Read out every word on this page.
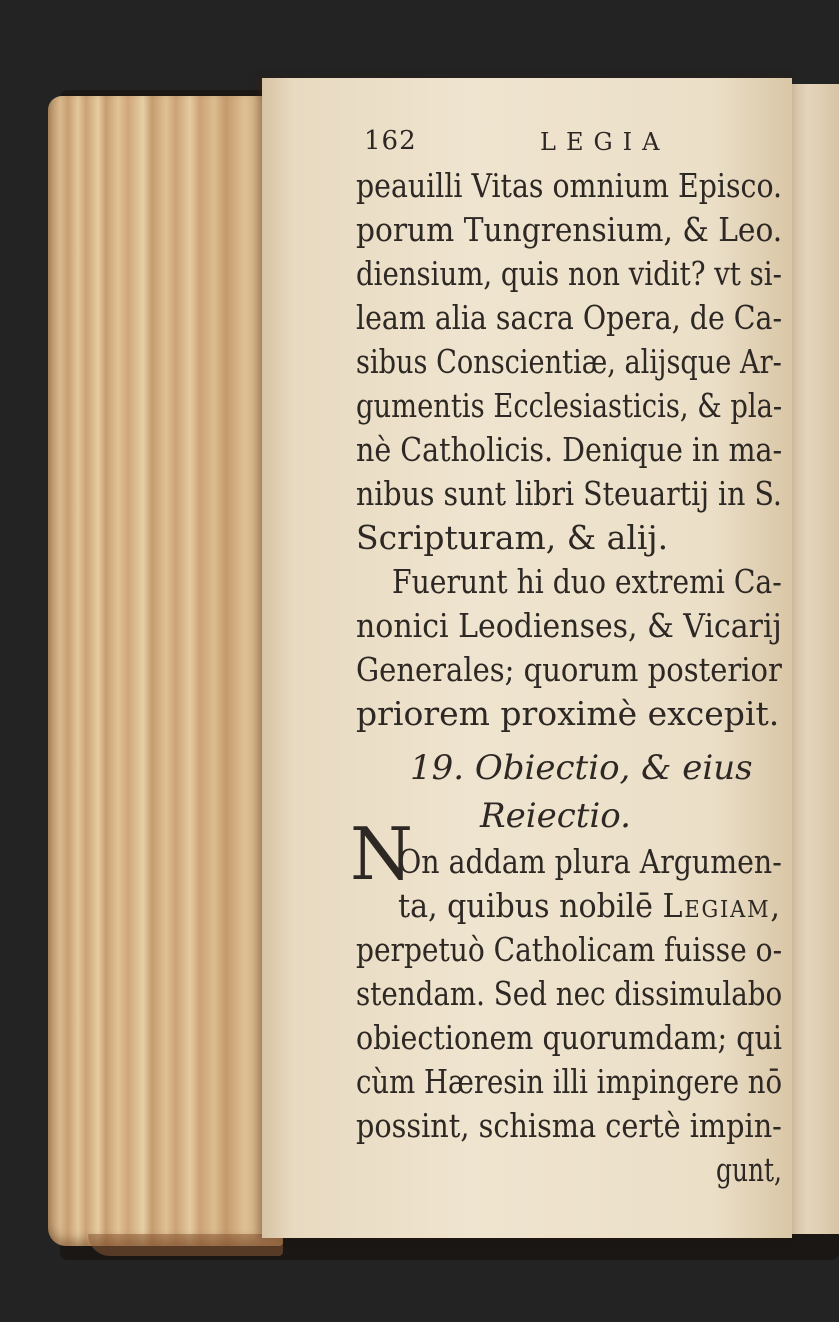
162	LEGIA
peauilli Vitas omnium Episco.
porum Tungrensium, & Leo.
diensium, quis non vidit? vt si-
leam alia sacra Opera, de Ca-
sibus Conscientiæ, alijsque Ar-
gumentis Ecclesiasticis, & pla-
nè Catholicis. Denique in ma-
nibus sunt libri Steuartij in S.
Scripturam, & alij.
Fuerunt hi duo extremi Ca-
nonici Leodienses, & Vicarij
Generales; quorum posterior
priorem proximè excepit.
19. Obiectio, & eius
Reiectio.
N
On addam plura Argumen-
ta, quibus nobilē Legiam,
perpetuò Catholicam fuisse o-
stendam. Sed nec dissimulabo
obiectionem quorumdam; qui
cùm Hæresin illi impingere nō
possint, schisma certè impin-
gunt,
